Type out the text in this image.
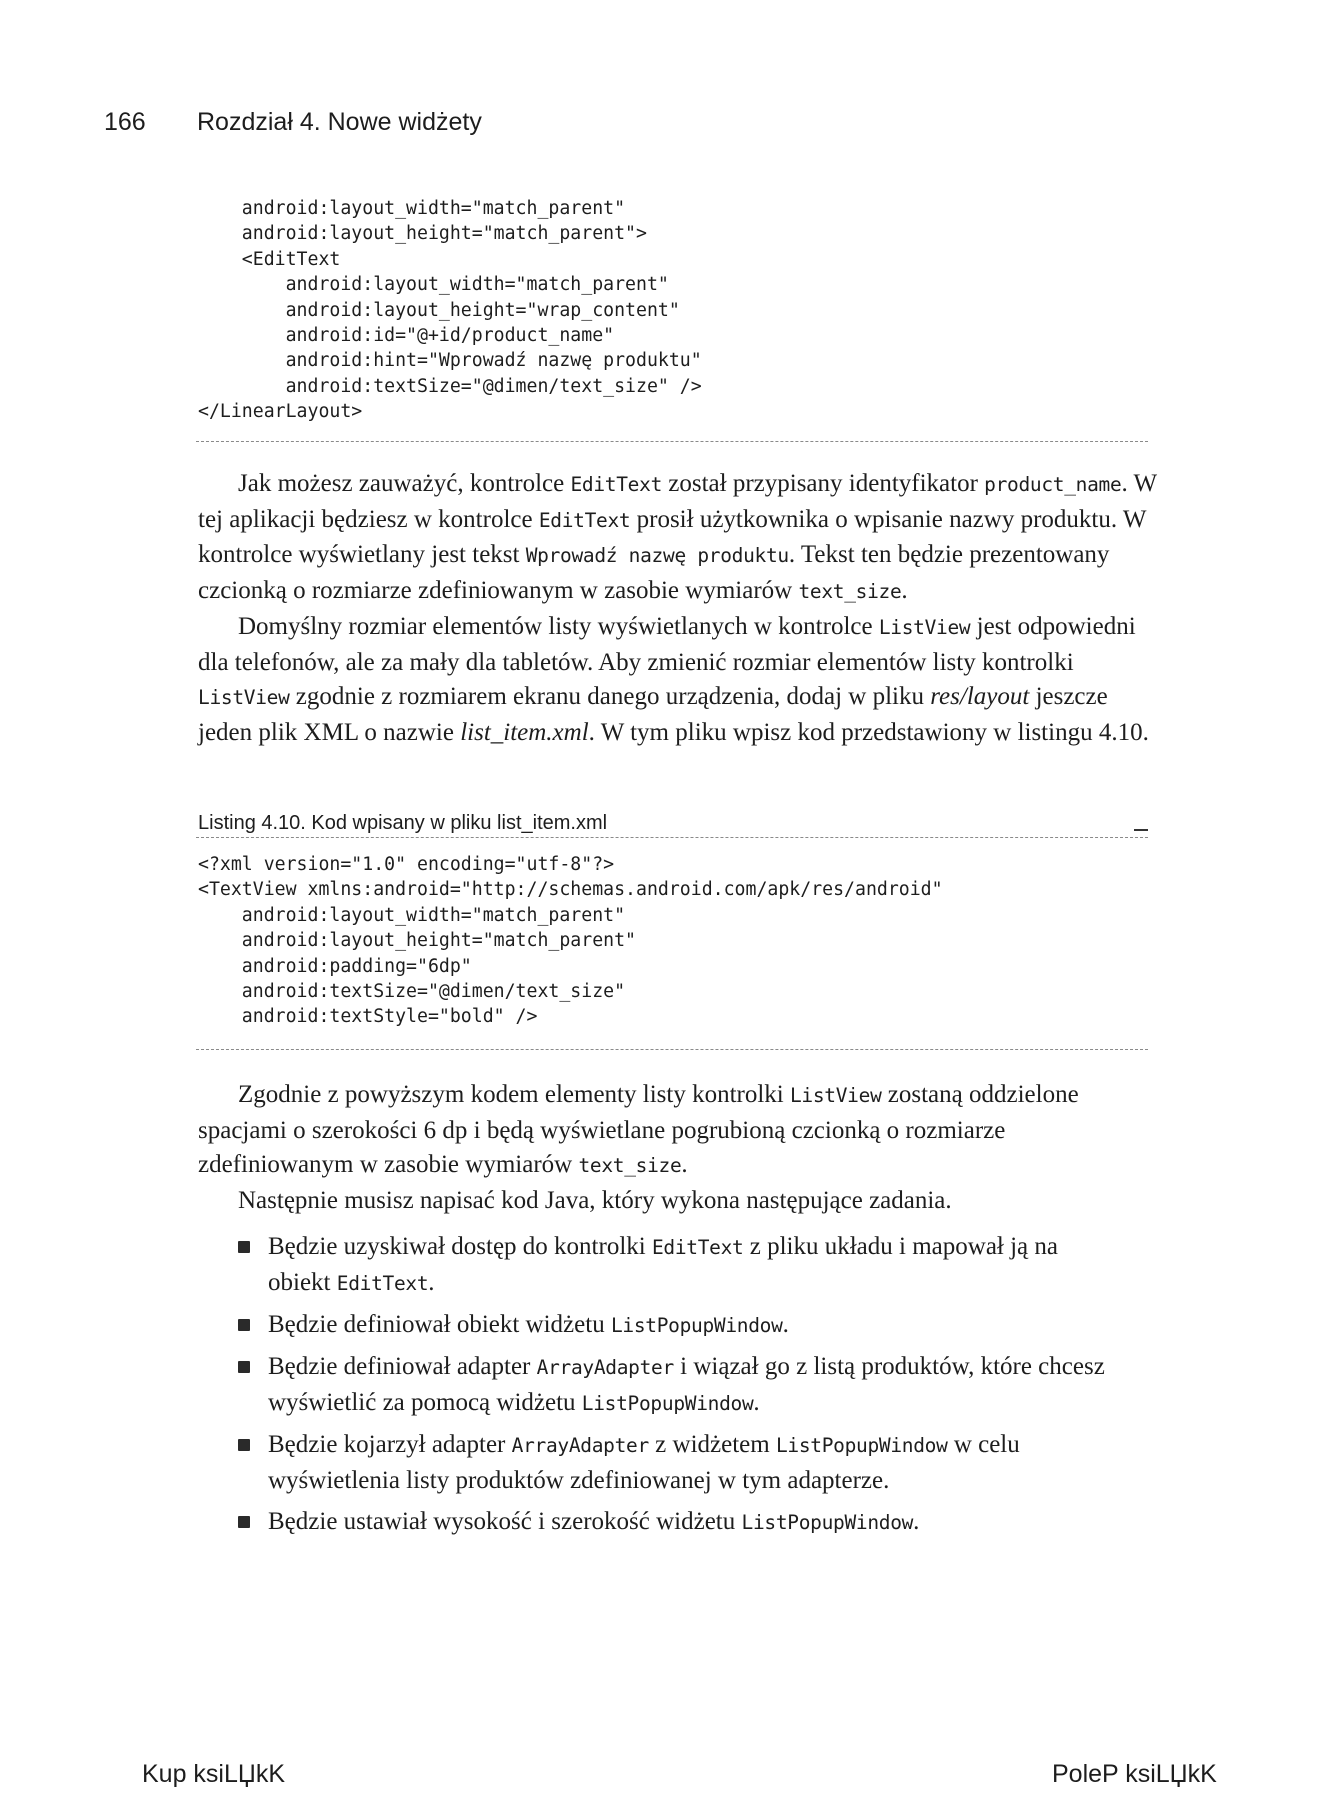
166 Rozdział 4. Nowe widżety
android:layout_width="match_parent"
android:layout_height="match_parent">
<EditText
android:layout_width="match_parent"
android:layout_height="wrap_content"
android:id="@+id/product_name"
android:hint="Wprowadź nazwę produktu"
android:textSize="@dimen/text_size" />
</LinearLayout>

Jak możesz zauważyć, kontrolce EditText został przypisany identyfikator product_name. W tej aplikacji będziesz w kontrolce EditText prosił użytkownika o wpisanie nazwy produktu. W kontrolce wyświetlany jest tekst Wprowadź nazwę produktu. Tekst ten będzie prezentowany czcionką o rozmiarze zdefiniowanym w zasobie wymiarów text_size.

Domyślny rozmiar elementów listy wyświetlanych w kontrolce ListView jest odpowiedni dla telefonów, ale za mały dla tabletów. Aby zmienić rozmiar elementów listy kontrolki ListView zgodnie z rozmiarem ekranu danego urządzenia, dodaj w pliku res/layout jeszcze jeden plik XML o nazwie list_item.xml. W tym pliku wpisz kod przedstawiony w listingu 4.10.

Listing 4.10. Kod wpisany w pliku list_item.xml
<?xml version="1.0" encoding="utf-8"?>
<TextView xmlns:android="http://schemas.android.com/apk/res/android"
android:layout_width="match_parent"
android:layout_height="match_parent"
android:padding="6dp"
android:textSize="@dimen/text_size"
android:textStyle="bold" />

Zgodnie z powyższym kodem elementy listy kontrolki ListView zostaną oddzielone spacjami o szerokości 6 dp i będą wyświetlane pogrubioną czcionką o rozmiarze zdefiniowanym w zasobie wymiarów text_size.

Następnie musisz napisać kod Java, który wykona następujące zadania.

Będzie uzyskiwał dostęp do kontrolki EditText z pliku układu i mapował ją na obiekt EditText.
Będzie definiował obiekt widżetu ListPopupWindow.
Będzie definiował adapter ArrayAdapter i wiązał go z listą produktów, które chcesz wyświetlić za pomocą widżetu ListPopupWindow.
Będzie kojarzył adapter ArrayAdapter z widżetem ListPopupWindow w celu wyświetlenia listy produktów zdefiniowanej w tym adapterze.
Będzie ustawiał wysokość i szerokość widżetu ListPopupWindow.
Kup ksiLЏkK	PoleP ksiLЏkK
